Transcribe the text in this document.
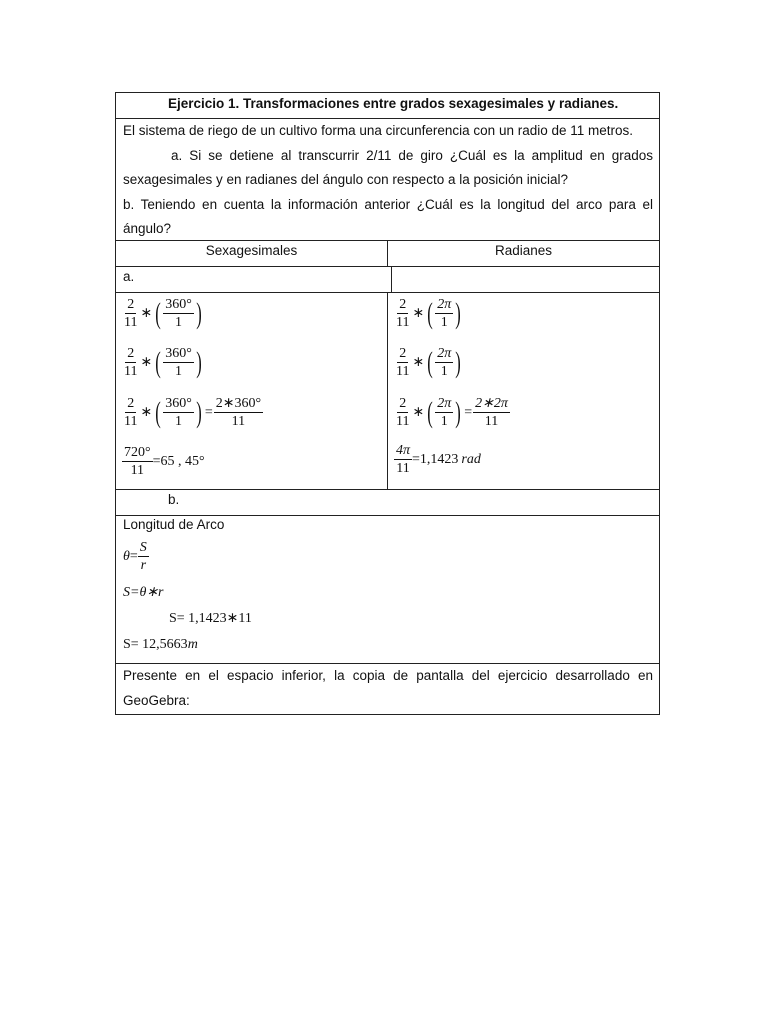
Ejercicio 1. Transformaciones entre grados sexagesimales y radianes.
El sistema de riego de un cultivo forma una circunferencia con un radio de 11 metros.
a. Si se detiene al transcurrir 2/11 de giro ¿Cuál es la amplitud en grados sexagesimales y en radianes del ángulo con respecto a la posición inicial?
b. Teniendo en cuenta la información anterior ¿Cuál es la longitud del arco para el ángulo?
Sexagesimales	Radianes
a.
$\frac{2}{11}$ ∗ ( $\frac{360^\circ}{1}$ )
$\frac{2}{11}$ ∗ ( $\frac{360^\circ}{1}$ )
$\frac{2}{11}$ ∗ ( $\frac{360^\circ}{1}$ ) = $\frac{2∗360^\circ}{11}$
$\frac{720^\circ}{11} =65$ , 45°
$\frac{2}{11}$ ∗ ( $\frac{2\pi}{1}$ )
$\frac{2}{11}$ ∗ ( $\frac{2\pi}{1}$ )
$\frac{2}{11}$ ∗ ( $\frac{2\pi}{1}$ ) = $\frac{2∗2\pi}{11}$
$\frac{4\pi}{11} =1,1423$ rad
b.
Longitud de Arco
$\theta = \frac{S}{r}$
S=θ∗r
S= 1,1423∗11
S= 12,5663m
Presente en el espacio inferior, la copia de pantalla del ejercicio desarrollado en GeoGebra:
